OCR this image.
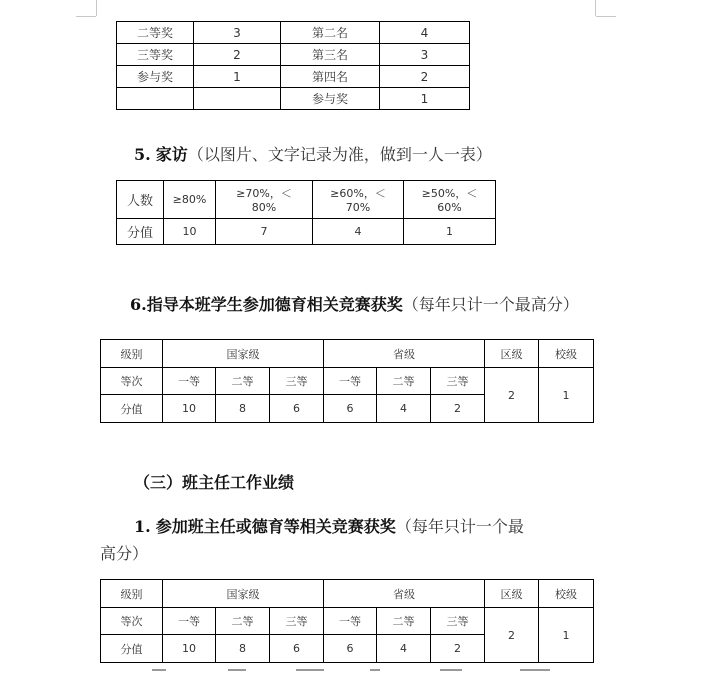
二等奖	3	第二名	4
三等奖	2	第三名	3
参与奖	1	第四名	2
		参与奖	1
5. 家访（以图片、文字记录为准，做到一人一表）
人数	≥80%	≥70%，＜80%	≥60%，＜70%	≥50%，＜60%
分值	10	7	4	1
6.指导本班学生参加德育相关竞赛获奖（每年只计一个最高分）
级别	国家级			省级			区级	校级
等次	一等	二等	三等	一等	二等	三等	2	1
分值	10	8	6	6	4	2		
（三）班主任工作业绩
1. 参加班主任或德育等相关竞赛获奖（每年只计一个最
高分）
级别	国家级			省级			区级	校级
等次	一等	二等	三等	一等	二等	三等	2	1
分值	10	8	6	6	4	2		
